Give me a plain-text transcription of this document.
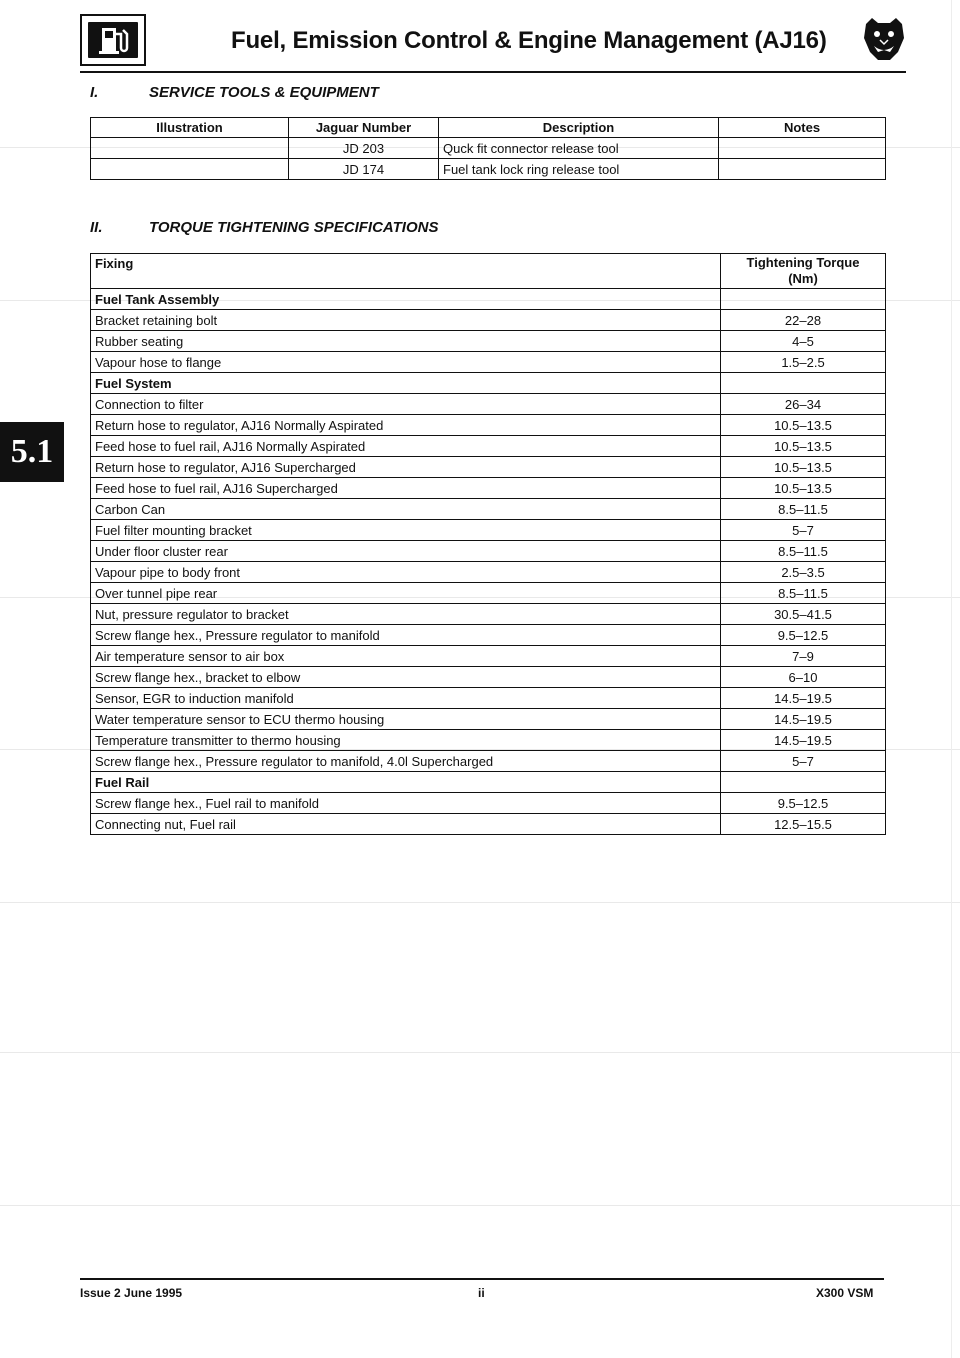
Fuel, Emission Control & Engine Management (AJ16)
I.	SERVICE TOOLS & EQUIPMENT
Illustration	Jaguar Number	Description	Notes
	JD 203	Quck fit connector release tool	
	JD 174	Fuel tank lock ring release tool	
II.	TORQUE TIGHTENING SPECIFICATIONS
Fixing	Tightening Torque
(Nm)

Fuel Tank Assembly	
Bracket retaining bolt	22–28
Rubber seating	4–5
Vapour hose to flange	1.5–2.5
Fuel System	
Connection to filter	26–34
Return hose to regulator, AJ16 Normally Aspirated	10.5–13.5
Feed hose to fuel rail, AJ16 Normally Aspirated	10.5–13.5
Return hose to regulator, AJ16 Supercharged	10.5–13.5
Feed hose to fuel rail, AJ16 Supercharged	10.5–13.5
Carbon Can	8.5–11.5
Fuel filter mounting bracket	5–7
Under floor cluster rear	8.5–11.5
Vapour pipe to body front	2.5–3.5
Over tunnel pipe rear	8.5–11.5
Nut, pressure regulator to bracket	30.5–41.5
Screw flange hex., Pressure regulator to manifold	9.5–12.5
Air temperature sensor to air box	7–9
Screw flange hex., bracket to elbow	6–10
Sensor, EGR to induction manifold	14.5–19.5
Water temperature sensor to ECU thermo housing	14.5–19.5
Temperature transmitter to thermo housing	14.5–19.5
Screw flange hex., Pressure regulator to manifold, 4.0l Supercharged	5–7
Fuel Rail	
Screw flange hex., Fuel rail to manifold	9.5–12.5
Connecting nut, Fuel rail	12.5–15.5
5.1
Issue 2 June 1995	ii	X300 VSM
